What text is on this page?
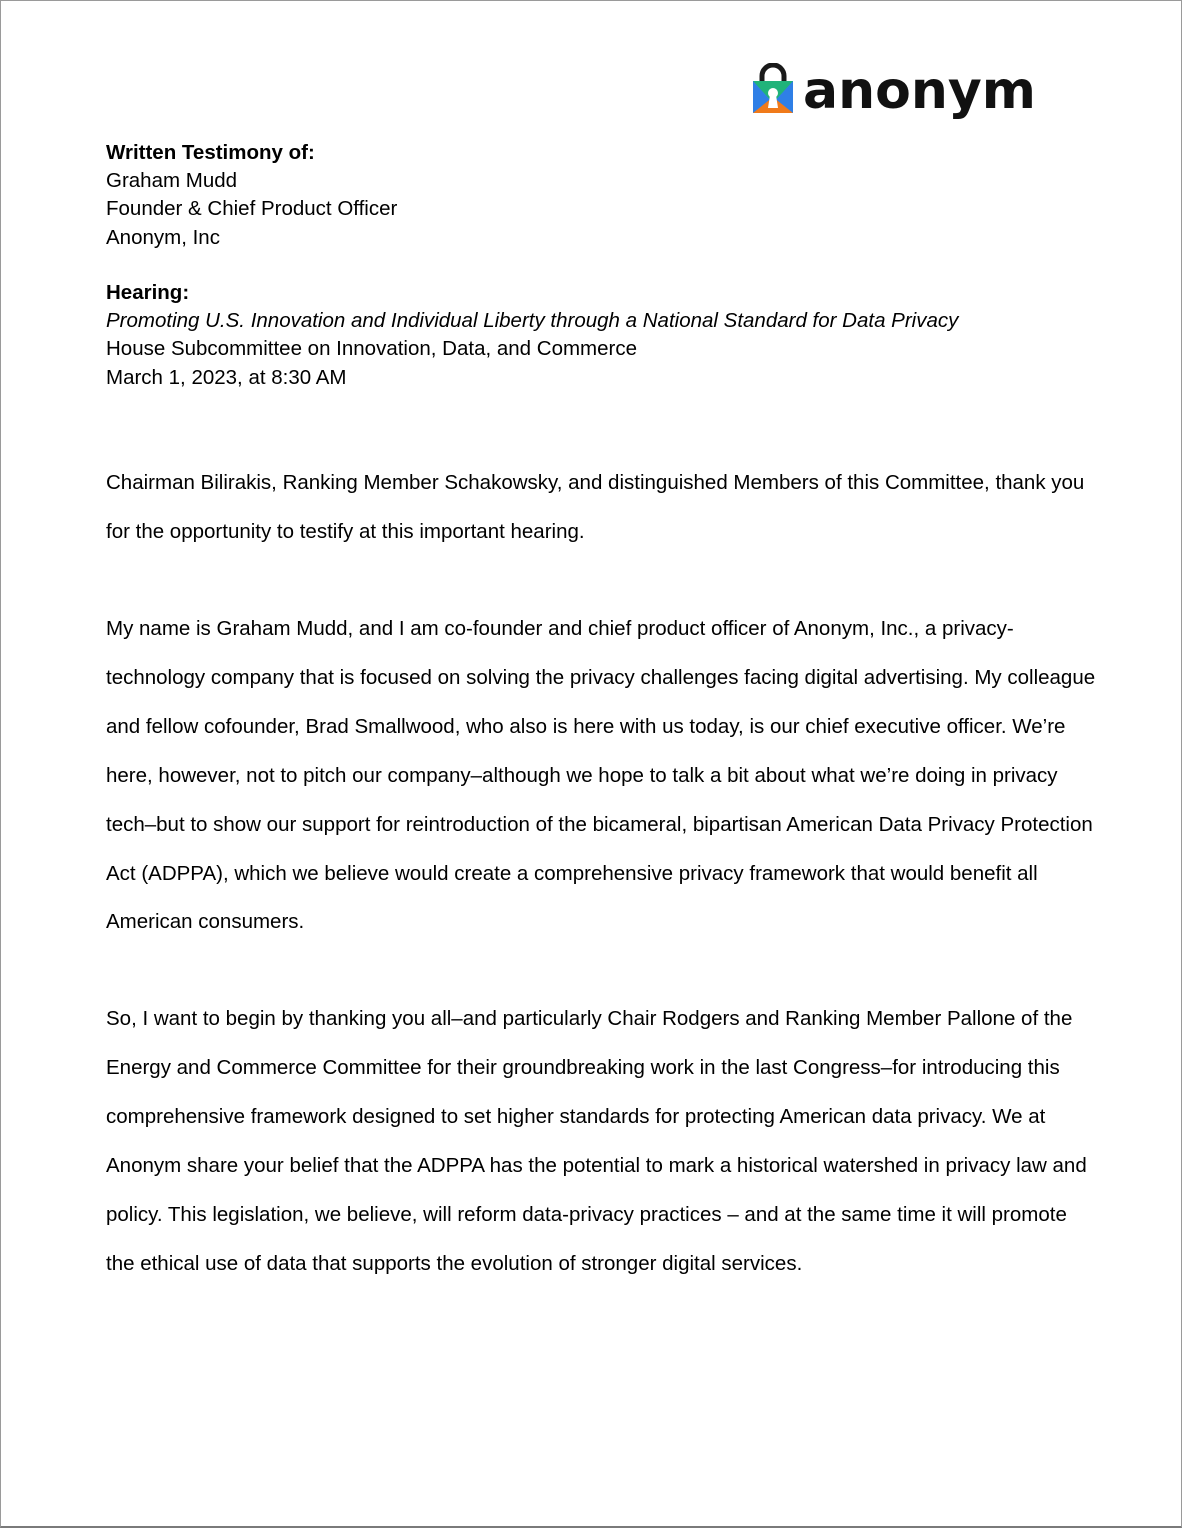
anonym
Written Testimony of:
Graham Mudd
Founder & Chief Product Officer
Anonym, Inc
Hearing:
Promoting U.S. Innovation and Individual Liberty through a National Standard for Data Privacy
House Subcommittee on Innovation, Data, and Commerce
March 1, 2023, at 8:30 AM

Chairman Bilirakis, Ranking Member Schakowsky, and distinguished Members of this Committee, thank you for the opportunity to testify at this important hearing.

My name is Graham Mudd, and I am co-founder and chief product officer of Anonym, Inc., a privacy-technology company that is focused on solving the privacy challenges facing digital advertising. My colleague and fellow cofounder, Brad Smallwood, who also is here with us today, is our chief executive officer. We’re here, however, not to pitch our company–although we hope to talk a bit about what we’re doing in privacy tech–but to show our support for reintroduction of the bicameral, bipartisan American Data Privacy Protection Act (ADPPA), which we believe would create a comprehensive privacy framework that would benefit all American consumers.

So, I want to begin by thanking you all–and particularly Chair Rodgers and Ranking Member Pallone of the Energy and Commerce Committee for their groundbreaking work in the last Congress–for introducing this comprehensive framework designed to set higher standards for protecting American data privacy. We at Anonym share your belief that the ADPPA has the potential to mark a historical watershed in privacy law and policy. This legislation, we believe, will reform data-privacy practices – and at the same time it will promote the ethical use of data that supports the evolution of stronger digital services.
